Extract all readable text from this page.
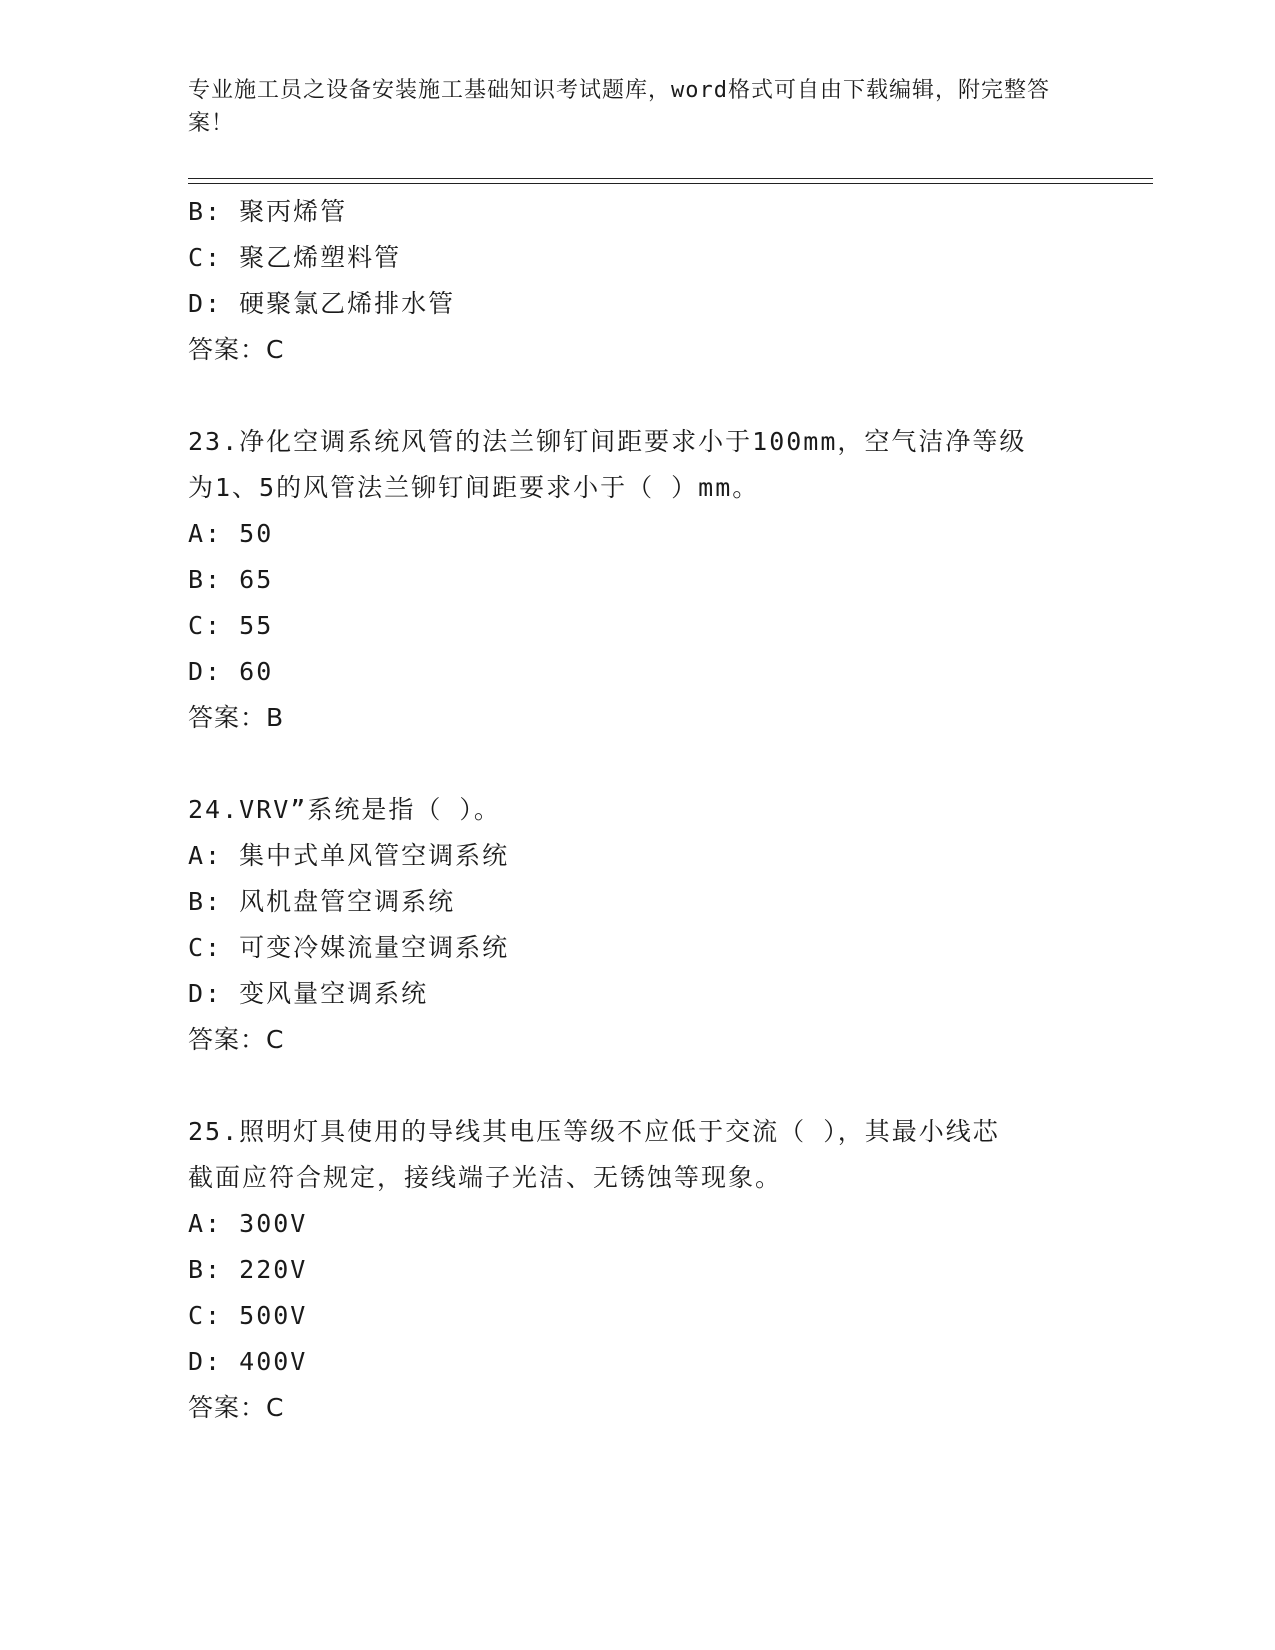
专业施工员之设备安装施工基础知识考试题库，word格式可自由下载编辑，附完整答案！
B: 聚丙烯管
C: 聚乙烯塑料管
D: 硬聚氯乙烯排水管
答案：C
23.净化空调系统风管的法兰铆钉间距要求小于100mm，空气洁净等级
为1、5的风管法兰铆钉间距要求小于（ ）mm。
A: 50
B: 65
C: 55
D: 60
答案：B
24.VRV”系统是指（ ）。
A: 集中式单风管空调系统
B: 风机盘管空调系统
C: 可变冷媒流量空调系统
D: 变风量空调系统
答案：C
25.照明灯具使用的导线其电压等级不应低于交流（ ），其最小线芯
截面应符合规定，接线端子光洁、无锈蚀等现象。
A: 300V
B: 220V
C: 500V
D: 400V
答案：C
